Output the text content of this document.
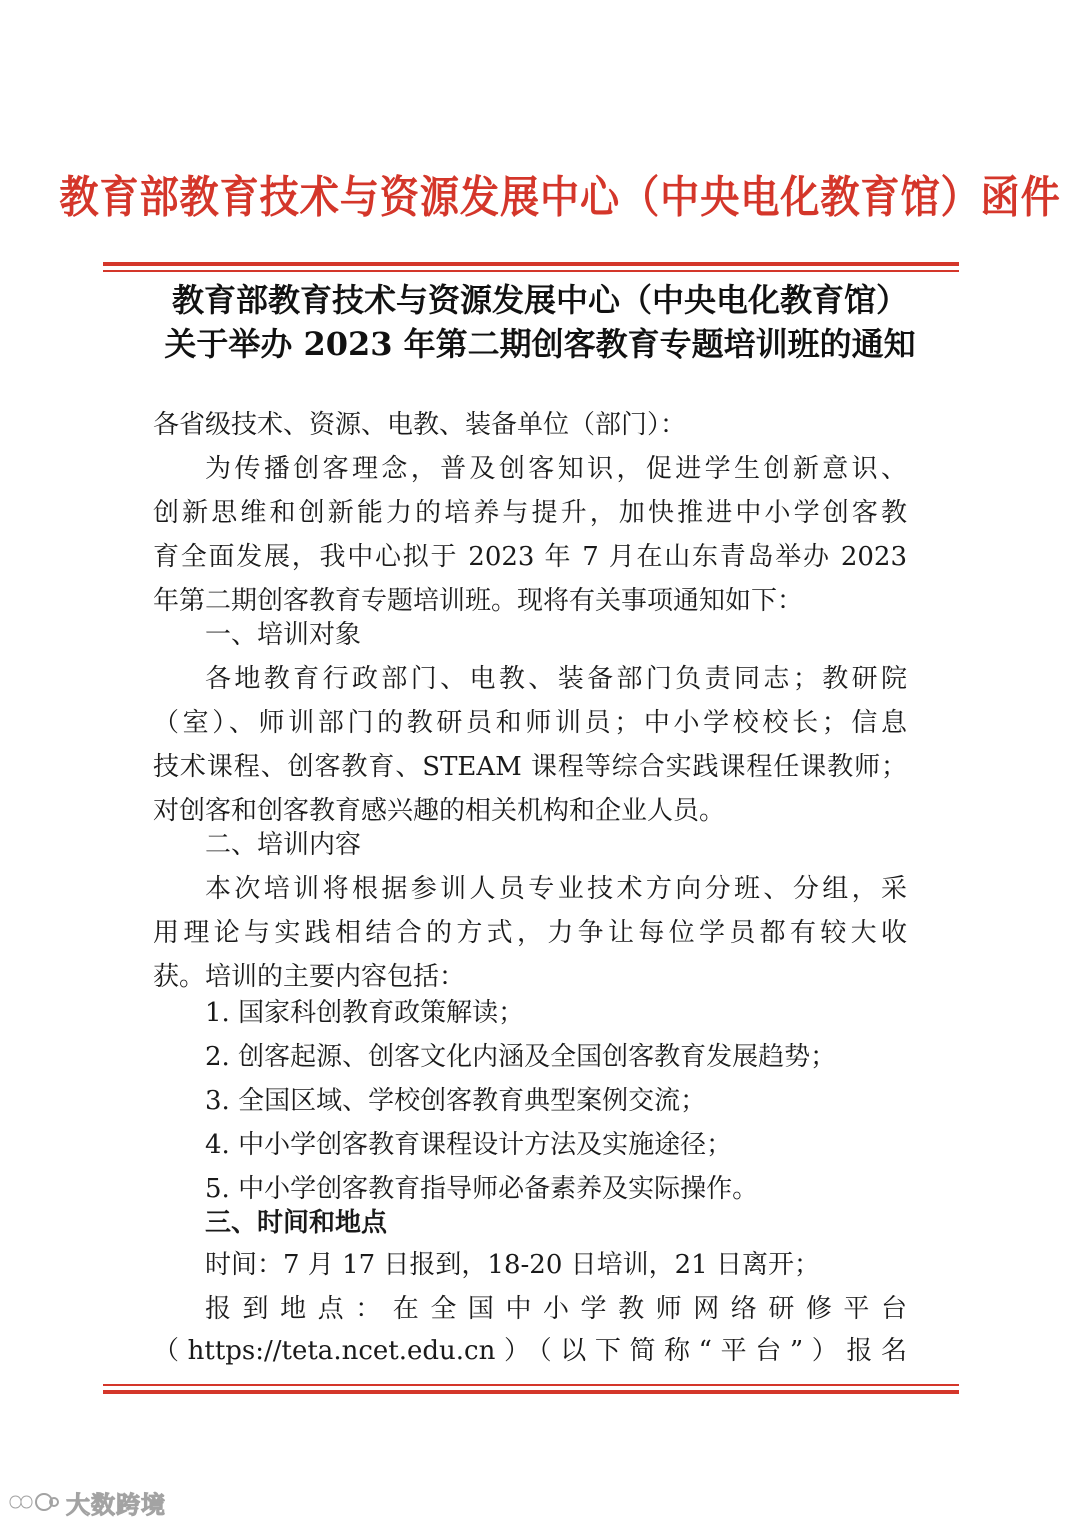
教育部教育技术与资源发展中心（中央电化教育馆）函件
教育部教育技术与资源发展中心（中央电化教育馆）
关于举办 2023 年第二期创客教育专题培训班的通知
各省级技术、资源、电教、装备单位（部门）：
为传播创客理念，普及创客知识，促进学生创新意识、
创新思维和创新能力的培养与提升，加快推进中小学创客教
育全面发展，我中心拟于 2023 年 7 月在山东青岛举办 2023
年第二期创客教育专题培训班。现将有关事项通知如下：
一、培训对象
各地教育行政部门、电教、装备部门负责同志；教研院
（室）、师训部门的教研员和师训员；中小学校校长；信息
技术课程、创客教育、STEAM 课程等综合实践课程任课教师；
对创客和创客教育感兴趣的相关机构和企业人员。
二、培训内容
本次培训将根据参训人员专业技术方向分班、分组，采
用理论与实践相结合的方式，力争让每位学员都有较大收
获。培训的主要内容包括：
1. 国家科创教育政策解读；
2. 创客起源、创客文化内涵及全国创客教育发展趋势；
3. 全国区域、学校创客教育典型案例交流；
4. 中小学创客教育课程设计方法及实施途径；
5. 中小学创客教育指导师必备素养及实际操作。
三、时间和地点
时间：7 月 17 日报到，18-20 日培训，21 日离开；
报到地点：在全国中小学教师网络研修平台
（https://teta.ncet.edu.cn）（以下简称“平台”）报名
大数跨境
